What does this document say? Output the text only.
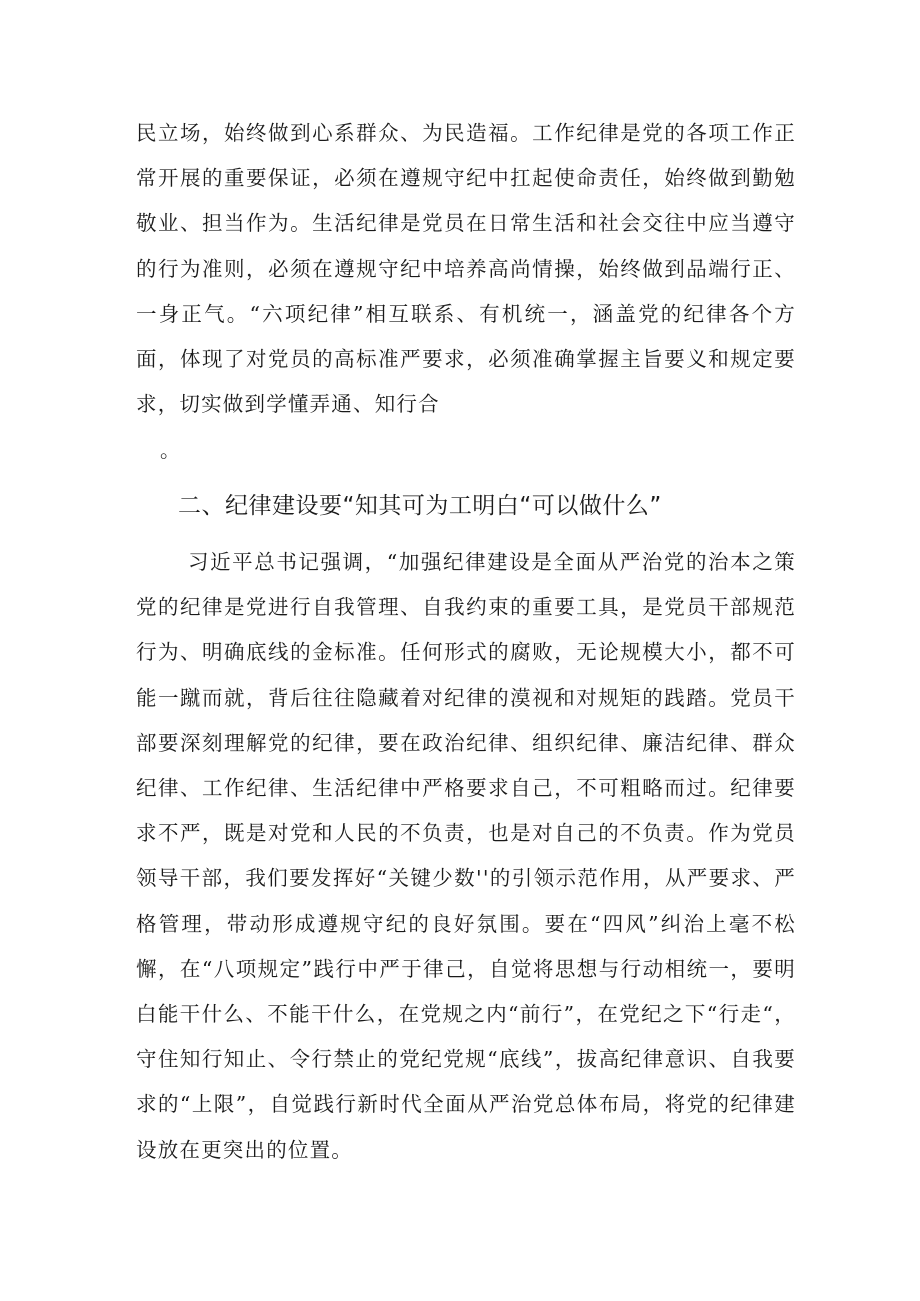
民立场，始终做到心系群众、为民造福。工作纪律是党的各项工作正常开展的重要保证，必须在遵规守纪中扛起使命责任，始终做到勤勉敬业、担当作为。生活纪律是党员在日常生活和社会交往中应当遵守的行为准则，必须在遵规守纪中培养高尚情操，始终做到品端行正、一身正气。“六项纪律”相互联系、有机统一，涵盖党的纪律各个方面，体现了对党员的高标准严要求，必须准确掌握主旨要义和规定要求，切实做到学懂弄通、知行合

。
二、纪律建设要“知其可为工明白“可以做什么”

习近平总书记强调，“加强纪律建设是全面从严治党的治本之策党的纪律是党进行自我管理、自我约束的重要工具，是党员干部规范行为、明确底线的金标准。任何形式的腐败，无论规模大小，都不可能一蹴而就，背后往往隐藏着对纪律的漠视和对规矩的践踏。党员干部要深刻理解党的纪律，要在政治纪律、组织纪律、廉洁纪律、群众纪律、工作纪律、生活纪律中严格要求自己，不可粗略而过。纪律要求不严，既是对党和人民的不负责，也是对自己的不负责。作为党员领导干部，我们要发挥好“关键少数''的引领示范作用，从严要求、严格管理，带动形成遵规守纪的良好氛围。要在“四风”纠治上毫不松懈，在“八项规定”践行中严于律己，自觉将思想与行动相统一，要明白能干什么、不能干什么，在党规之内“前行”，在党纪之下“行走“，守住知行知止、令行禁止的党纪党规“底线”，拔高纪律意识、自我要求的“上限”，自觉践行新时代全面从严治党总体布局，将党的纪律建设放在更突出的位置。
